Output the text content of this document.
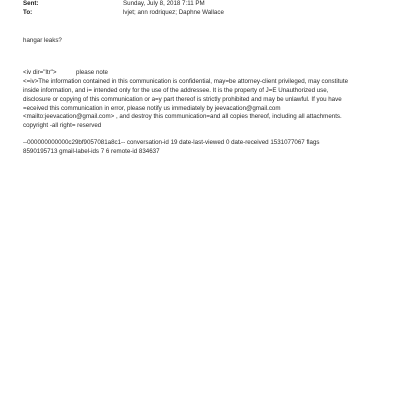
Sent:	Sunday, July 8, 2018 7:11 PM
To:	lvjet; ann rodriquez; Daphne Wallace
hangar leaks?
<iv dir="ltr">	please note
<=iv>The information contained in this communication is confidential, may=be attorney-client privileged, may constitute
inside information, and i= intended only for the use of the addressee. It is the property of J=E Unauthorized use,
disclosure or copying of this communication or a=y part thereof is strictly prohibited and may be unlawful. If you have
=eceived this communication in error, please notify us immediately by jeevacation@gmail.com
<mailto:jeevacation@gmail.com> , and destroy this communication=and all copies thereof, including all attachments.
copyright -all right= reserved
--000000000000c29bf9057081a8c1-- conversation-id 19 date-last-viewed 0 date-received 1531077067 flags
8590195713 gmail-label-ids 7 6 remote-id 834637
